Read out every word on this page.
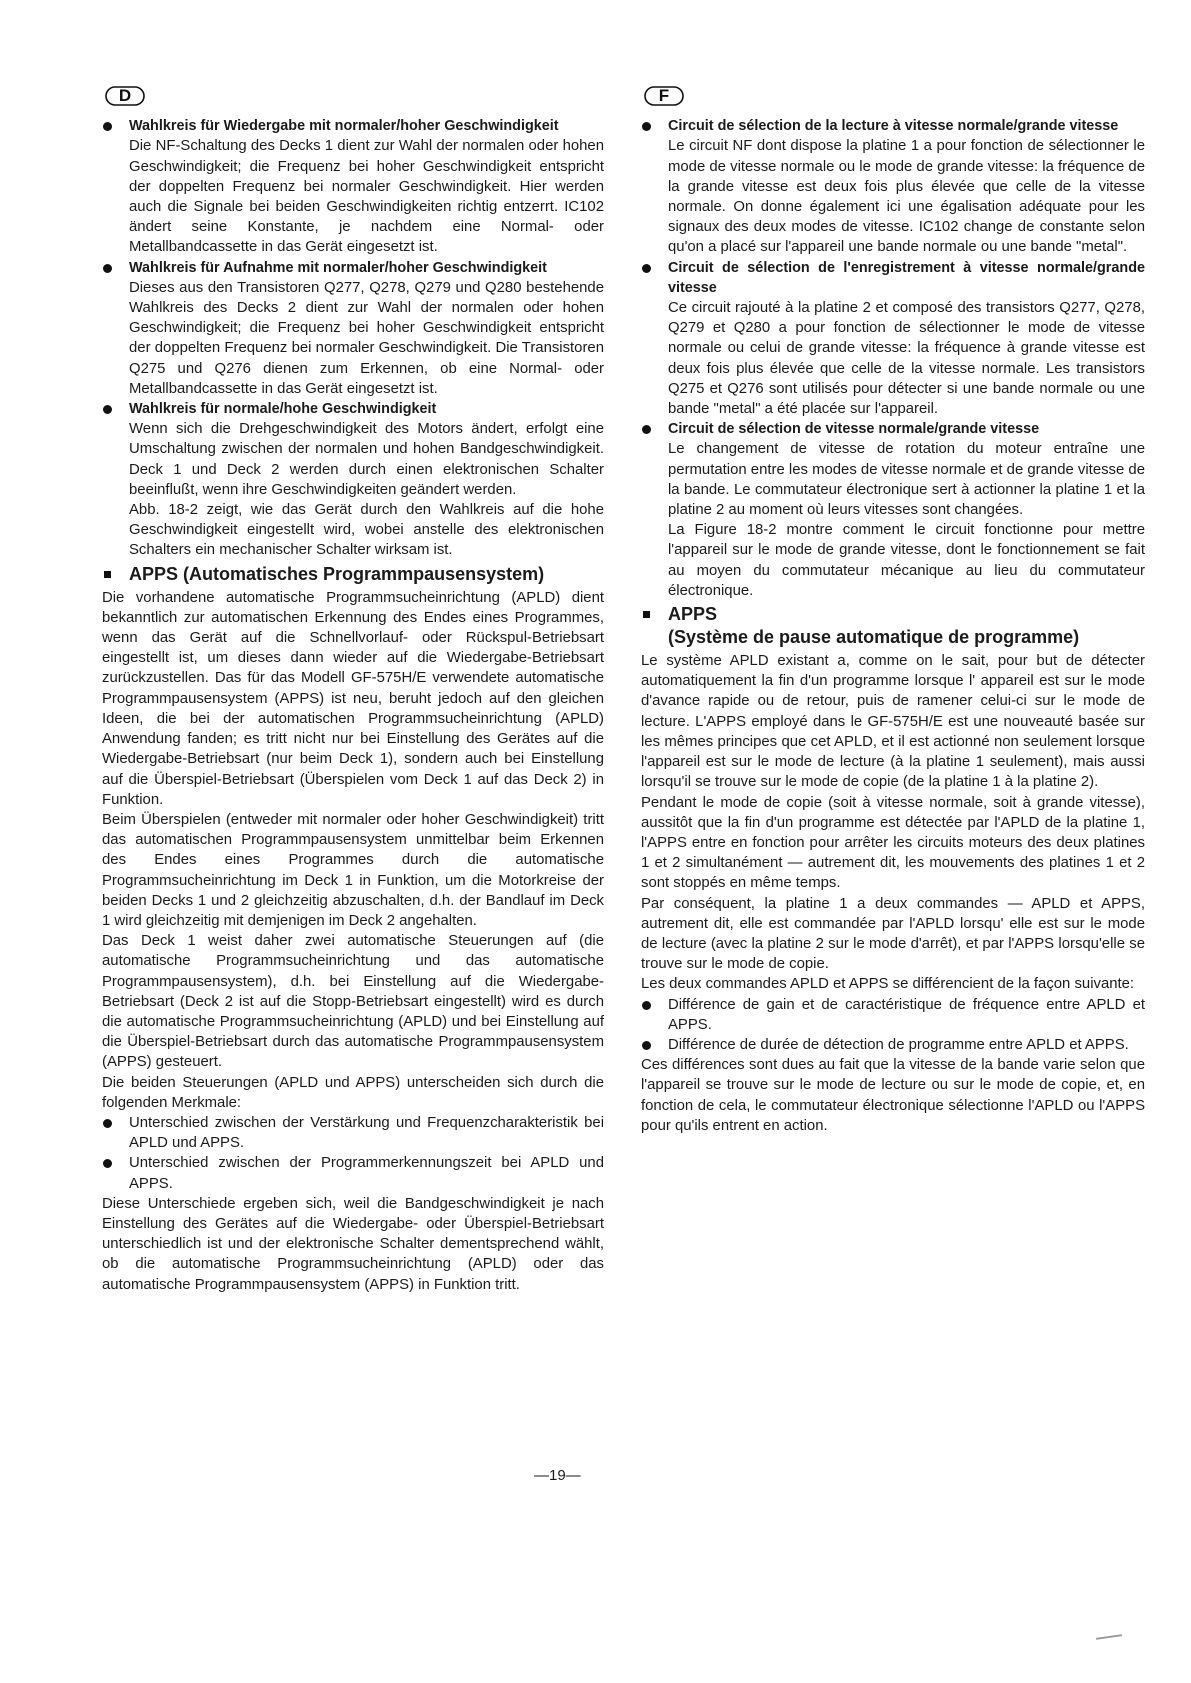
D
Wahlkreis für Wiedergabe mit normaler/hoher Geschwindigkeit

Die NF-Schaltung des Decks 1 dient zur Wahl der normalen oder hohen Geschwindigkeit; die Frequenz bei hoher Geschwindigkeit entspricht der doppelten Frequenz bei normaler Geschwindigkeit. Hier werden auch die Signale bei beiden Geschwindigkeiten richtig entzerrt. IC102 ändert seine Konstante, je nachdem eine Normal- oder Metallbandcassette in das Gerät eingesetzt ist.

Wahlkreis für Aufnahme mit normaler/hoher Geschwindigkeit

Dieses aus den Transistoren Q277, Q278, Q279 und Q280 bestehende Wahlkreis des Decks 2 dient zur Wahl der normalen oder hohen Geschwindigkeit; die Frequenz bei hoher Geschwindigkeit entspricht der doppelten Frequenz bei normaler Geschwindigkeit. Die Transistoren Q275 und Q276 dienen zum Erkennen, ob eine Normal- oder Metallbandcassette in das Gerät eingesetzt ist.

Wahlkreis für normale/hohe Geschwindigkeit

Wenn sich die Drehgeschwindigkeit des Motors ändert, erfolgt eine Umschaltung zwischen der normalen und hohen Bandgeschwindigkeit. Deck 1 und Deck 2 werden durch einen elektronischen Schalter beeinflußt, wenn ihre Geschwindigkeiten geändert werden.

Abb. 18-2 zeigt, wie das Gerät durch den Wahlkreis auf die hohe Geschwindigkeit eingestellt wird, wobei anstelle des elektronischen Schalters ein mechanischer Schalter wirksam ist.

APPS (Automatisches Programmpausensystem)

Die vorhandene automatische Programmsucheinrichtung (APLD) dient bekanntlich zur automatischen Erkennung des Endes eines Programmes, wenn das Gerät auf die Schnellvorlauf- oder Rückspul-Betriebsart eingestellt ist, um dieses dann wieder auf die Wiedergabe-Betriebsart zurückzustellen. Das für das Modell GF-575H/E verwendete automatische Programmpausensystem (APPS) ist neu, beruht jedoch auf den gleichen Ideen, die bei der automatischen Programmsucheinrichtung (APLD) Anwendung fanden; es tritt nicht nur bei Einstellung des Gerätes auf die Wiedergabe-Betriebsart (nur beim Deck 1), sondern auch bei Einstellung auf die Überspiel-Betriebsart (Überspielen vom Deck 1 auf das Deck 2) in Funktion.

Beim Überspielen (entweder mit normaler oder hoher Geschwindigkeit) tritt das automatischen Programmpausensystem unmittelbar beim Erkennen des Endes eines Programmes durch die automatische Programmsucheinrichtung im Deck 1 in Funktion, um die Motorkreise der beiden Decks 1 und 2 gleichzeitig abzuschalten, d.h. der Bandlauf im Deck 1 wird gleichzeitig mit demjenigen im Deck 2 angehalten.

Das Deck 1 weist daher zwei automatische Steuerungen auf (die automatische Programmsucheinrichtung und das automatische Programmpausensystem), d.h. bei Einstellung auf die Wiedergabe-Betriebsart (Deck 2 ist auf die Stopp-Betriebsart eingestellt) wird es durch die automatische Programmsucheinrichtung (APLD) und bei Einstellung auf die Überspiel-Betriebsart durch das automatische Programmpausensystem (APPS) gesteuert.

Die beiden Steuerungen (APLD und APPS) unterscheiden sich durch die folgenden Merkmale:

Unterschied zwischen der Verstärkung und Frequenzcharakteristik bei APLD und APPS.

Unterschied zwischen der Programmerkennungszeit bei APLD und APPS.

Diese Unterschiede ergeben sich, weil die Bandgeschwindigkeit je nach Einstellung des Gerätes auf die Wiedergabe- oder Überspiel-Betriebsart unterschiedlich ist und der elektronische Schalter dementsprechend wählt, ob die automatische Programmsucheinrichtung (APLD) oder das automatische Programmpausensystem (APPS) in Funktion tritt.

F
Circuit de sélection de la lecture à vitesse normale/grande vitesse

Le circuit NF dont dispose la platine 1 a pour fonction de sélectionner le mode de vitesse normale ou le mode de grande vitesse: la fréquence de la grande vitesse est deux fois plus élevée que celle de la vitesse normale. On donne également ici une égalisation adéquate pour les signaux des deux modes de vitesse. IC102 change de constante selon qu'on a placé sur l'appareil une bande normale ou une bande "metal".

Circuit de sélection de l'enregistrement à vitesse normale/grande vitesse

Ce circuit rajouté à la platine 2 et composé des transistors Q277, Q278, Q279 et Q280 a pour fonction de sélectionner le mode de vitesse normale ou celui de grande vitesse: la fréquence à grande vitesse est deux fois plus élevée que celle de la vitesse normale. Les transistors Q275 et Q276 sont utilisés pour détecter si une bande normale ou une bande "metal" a été placée sur l'appareil.

Circuit de sélection de vitesse normale/grande vitesse

Le changement de vitesse de rotation du moteur entraîne une permutation entre les modes de vitesse normale et de grande vitesse de la bande. Le commutateur électronique sert à actionner la platine 1 et la platine 2 au moment où leurs vitesses sont changées.

La Figure 18-2 montre comment le circuit fonctionne pour mettre l'appareil sur le mode de grande vitesse, dont le fonctionnement se fait au moyen du commutateur mécanique au lieu du commutateur électronique.

APPS
(Système de pause automatique de programme)

Le système APLD existant a, comme on le sait, pour but de détecter automatiquement la fin d'un programme lorsque l' appareil est sur le mode d'avance rapide ou de retour, puis de ramener celui-ci sur le mode de lecture. L'APPS employé dans le GF-575H/E est une nouveauté basée sur les mêmes principes que cet APLD, et il est actionné non seulement lorsque l'appareil est sur le mode de lecture (à la platine 1 seulement), mais aussi lorsqu'il se trouve sur le mode de copie (de la platine 1 à la platine 2).

Pendant le mode de copie (soit à vitesse normale, soit à grande vitesse), aussitôt que la fin d'un programme est détectée par l'APLD de la platine 1, l'APPS entre en fonction pour arrêter les circuits moteurs des deux platines 1 et 2 simultanément — autrement dit, les mouvements des platines 1 et 2 sont stoppés en même temps.

Par conséquent, la platine 1 a deux commandes — APLD et APPS, autrement dit, elle est commandée par l'APLD lorsqu' elle est sur le mode de lecture (avec la platine 2 sur le mode d'arrêt), et par l'APPS lorsqu'elle se trouve sur le mode de copie.

Les deux commandes APLD et APPS se différencient de la façon suivante:

Différence de gain et de caractéristique de fréquence entre APLD et APPS.

Différence de durée de détection de programme entre APLD et APPS.

Ces différences sont dues au fait que la vitesse de la bande varie selon que l'appareil se trouve sur le mode de lecture ou sur le mode de copie, et, en fonction de cela, le commutateur électronique sélectionne l'APLD ou l'APPS pour qu'ils entrent en action.

—19—
